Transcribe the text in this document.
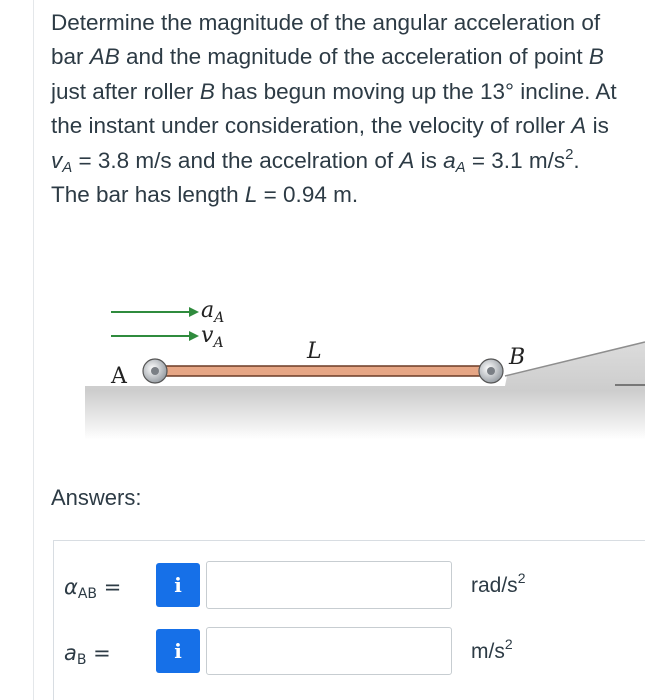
Determine the magnitude of the angular acceleration of bar AB and the magnitude of the acceleration of point B just after roller B has begun moving up the 13° incline. At the instant under consideration, the velocity of roller A is $v_A = 3.8$ m/s and the accelration of A is $a_A = 3.1$ $m/s^2$. The bar has length L = 0.94 m.

$a_A$
$v_A$	L
A
B
Answers:
$\alpha_{AB}$ =	i	rad/$s^2$
$a_B$ =	i	$m/s^2$
